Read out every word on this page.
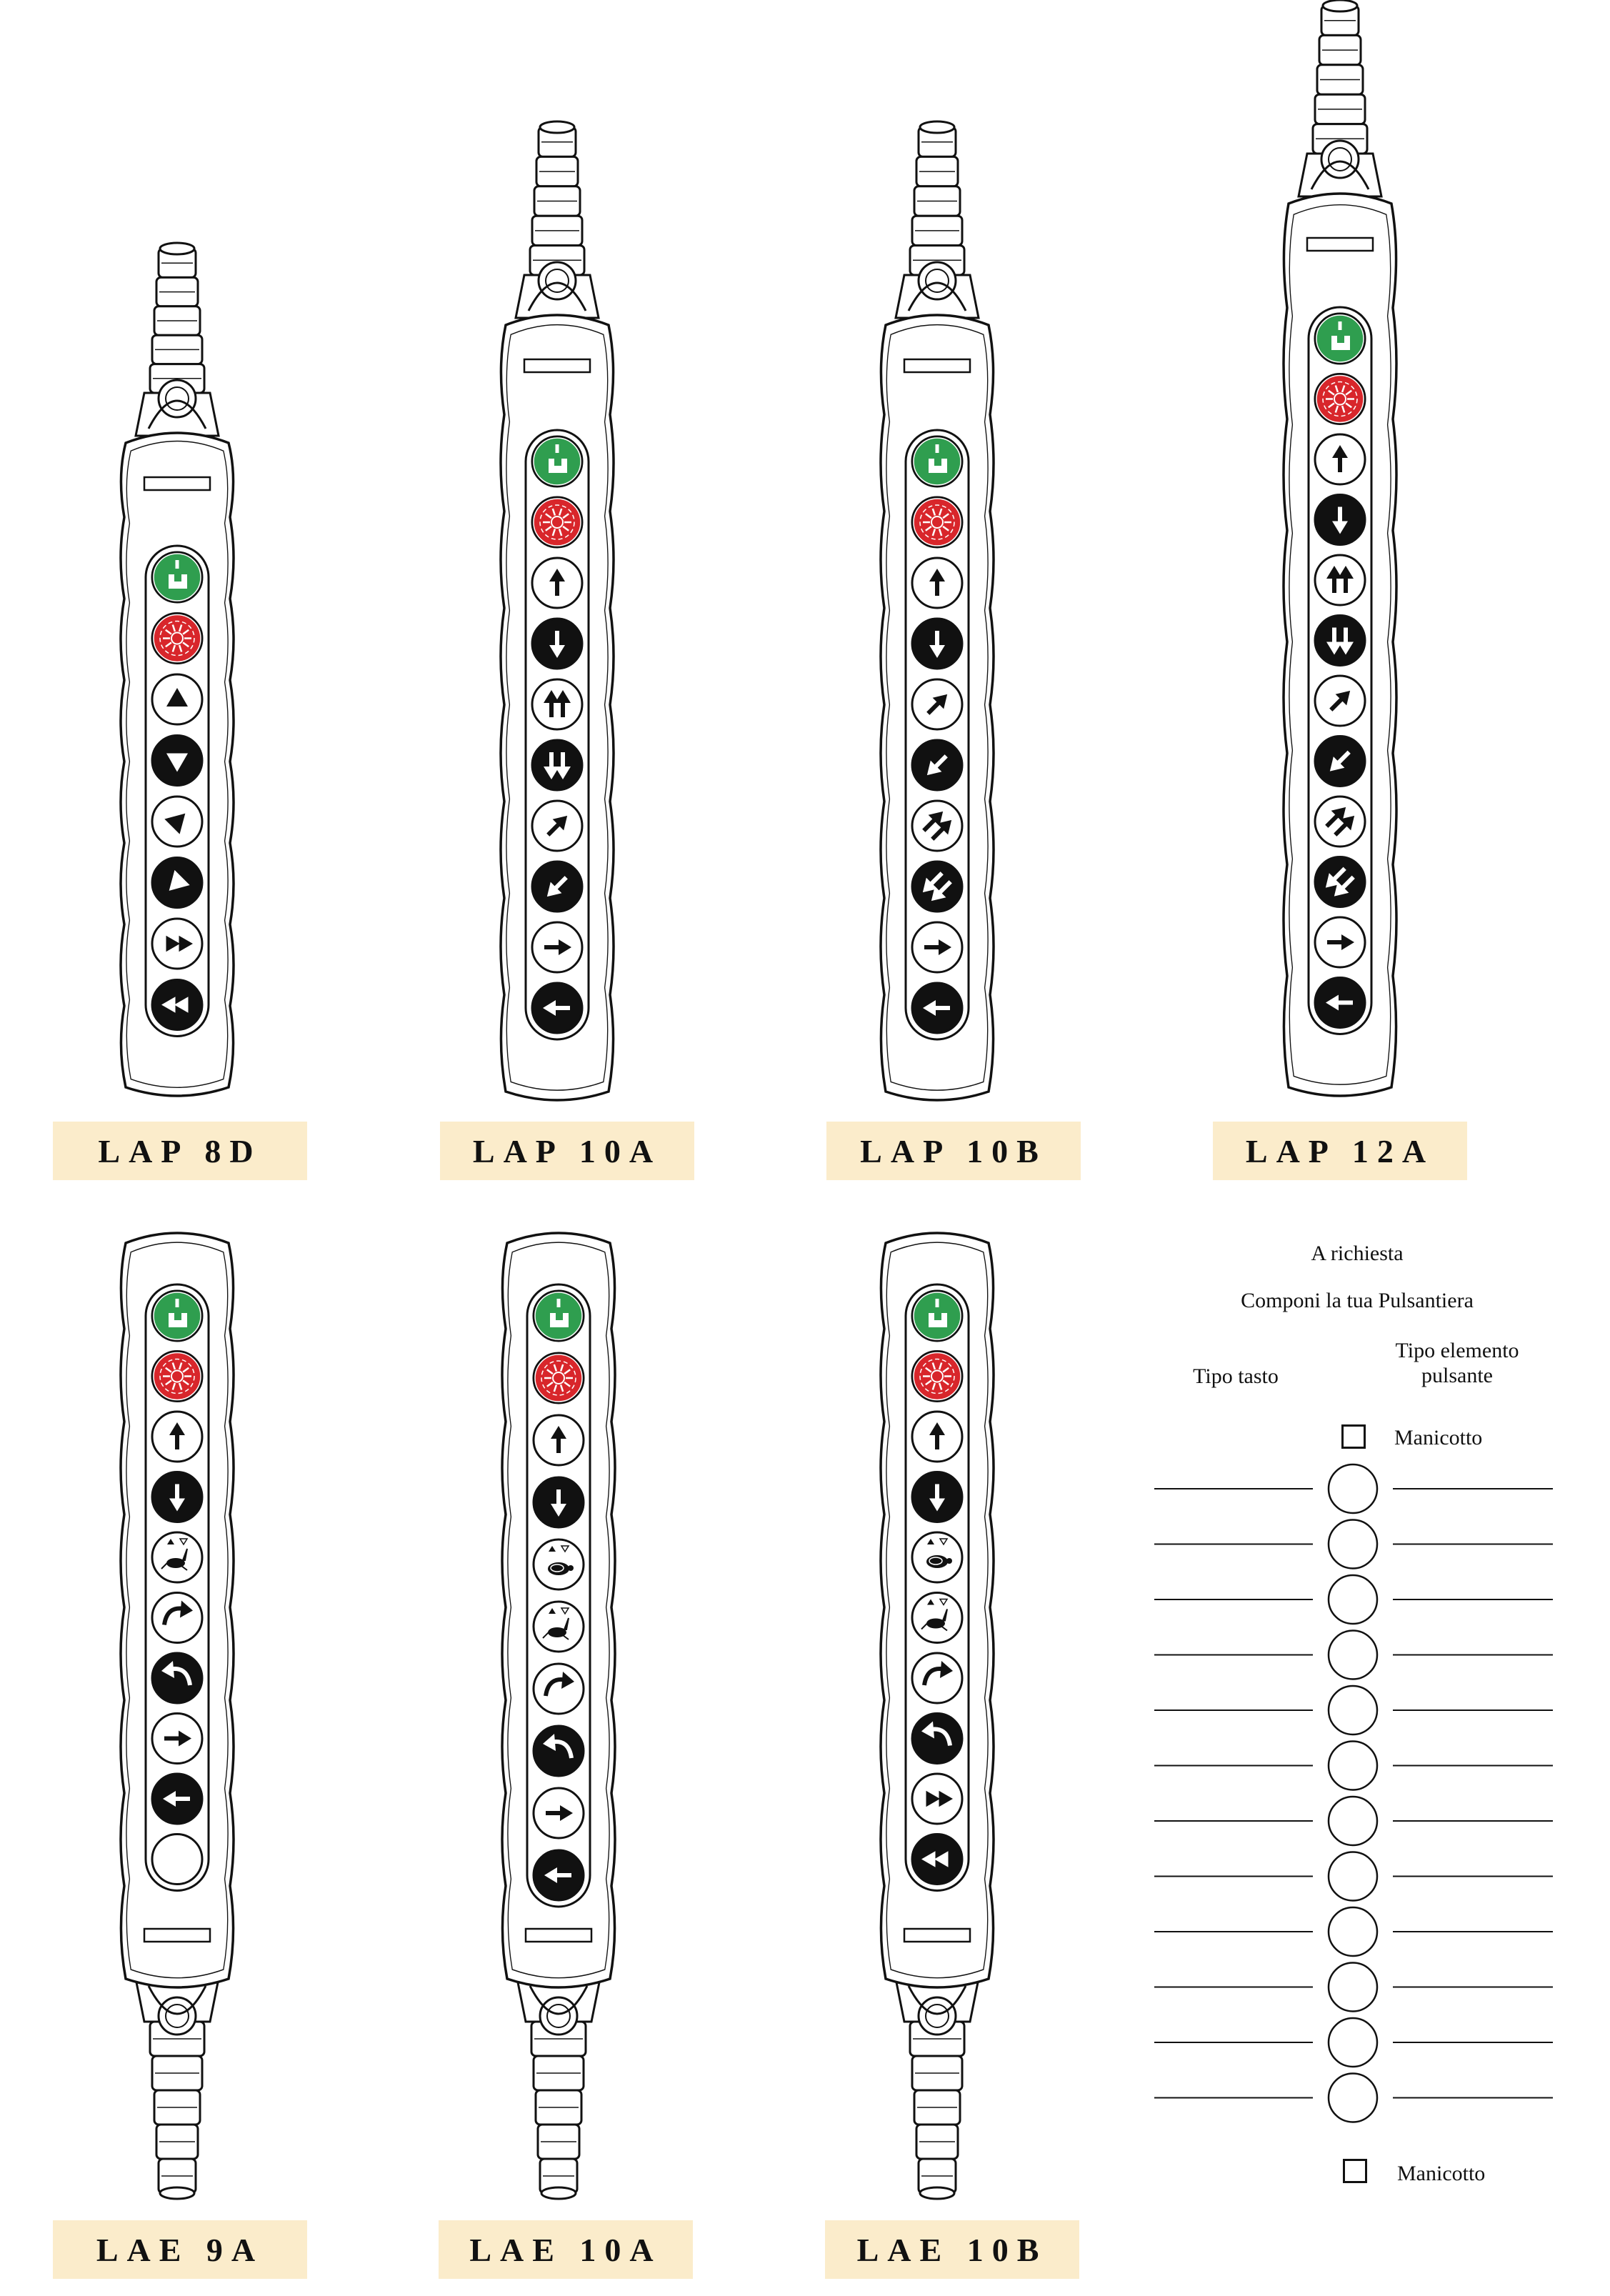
LAP 8D	LAP 10A	LAP 10B	LAP 12A
LAE 9A	LAE 10A	LAE 10B
A richiesta
Componi la tua Pulsantiera
Tipo tasto
Tipo elemento
pulsante
Manicotto
Manicotto
